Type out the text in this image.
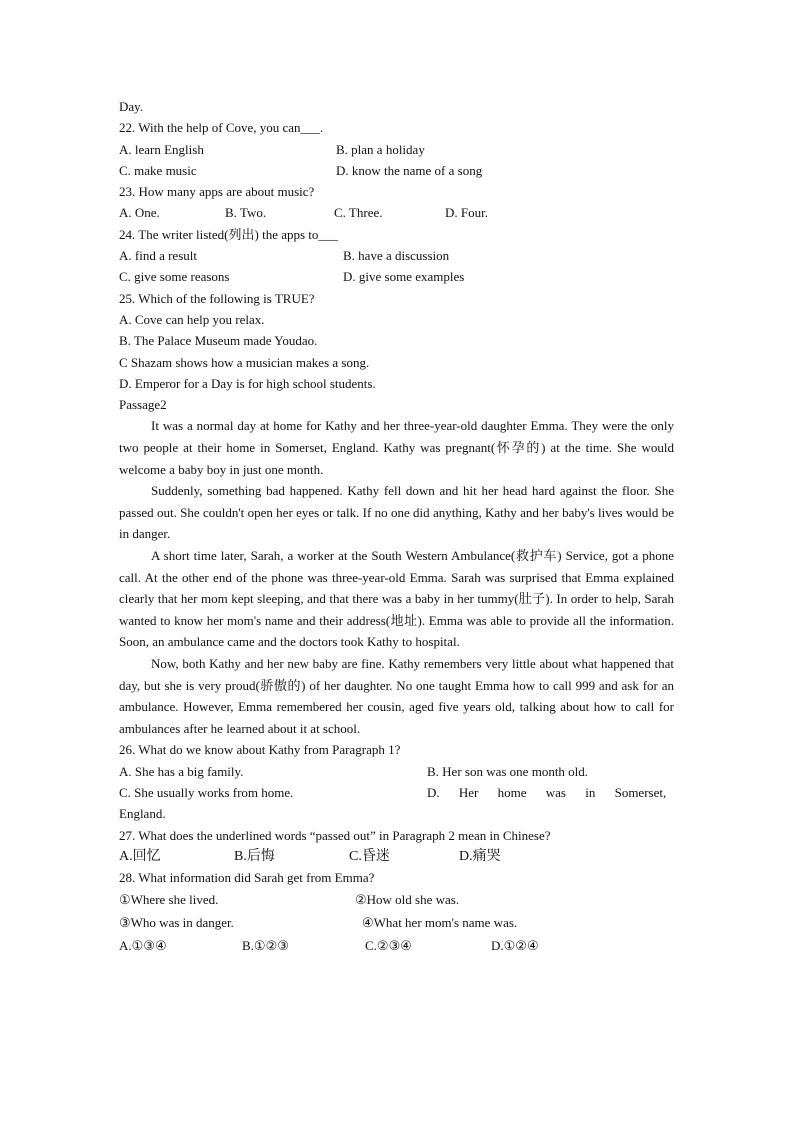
Day.
22. With the help of Cove, you can___.
A. learn English	B. plan a holiday
C. make music	D. know the name of a song
23. How many apps are about music?
A. One.	B. Two.	C. Three.	D. Four.
24. The writer listed(列出) the apps to___
A. find a result	B. have a discussion
C. give some reasons	D. give some examples
25. Which of the following is TRUE?
A. Cove can help you relax.
B. The Palace Museum made Youdao.
C Shazam shows how a musician makes a song.
D. Emperor for a Day is for high school students.
Passage2

It was a normal day at home for Kathy and her three-year-old daughter Emma. They were the only two people at their home in Somerset, England. Kathy was pregnant(怀孕的) at the time. She would welcome a baby boy in just one month.

Suddenly, something bad happened. Kathy fell down and hit her head hard against the floor. She passed out. She couldn't open her eyes or talk. If no one did anything, Kathy and her baby's lives would be in danger.

A short time later, Sarah, a worker at the South Western Ambulance(救护车) Service, got a phone call. At the other end of the phone was three-year-old Emma. Sarah was surprised that Emma explained clearly that her mom kept sleeping, and that there was a baby in her tummy(肚子). In order to help, Sarah wanted to know her mom's name and their address(地址). Emma was able to provide all the information. Soon, an ambulance came and the doctors took Kathy to hospital.

Now, both Kathy and her new baby are fine. Kathy remembers very little about what happened that day, but she is very proud(骄傲的) of her daughter. No one taught Emma how to call 999 and ask for an ambulance. However, Emma remembered her cousin, aged five years old, talking about how to call for ambulances after he learned about it at school.

26. What do we know about Kathy from Paragraph 1?
A. She has a big family.	B. Her son was one month old.
C. She usually works from home.	D. Her home was in Somerset,
England.
27. What does the underlined words “passed out” in Paragraph 2 mean in Chinese?
A.回忆	B.后悔	C.昏迷	D.痛哭
28. What information did Sarah get from Emma?
①Where she lived.	②How old she was.
③Who was in danger.	④What her mom's name was.
A.①③④	B.①②③	C.②③④	D.①②④
